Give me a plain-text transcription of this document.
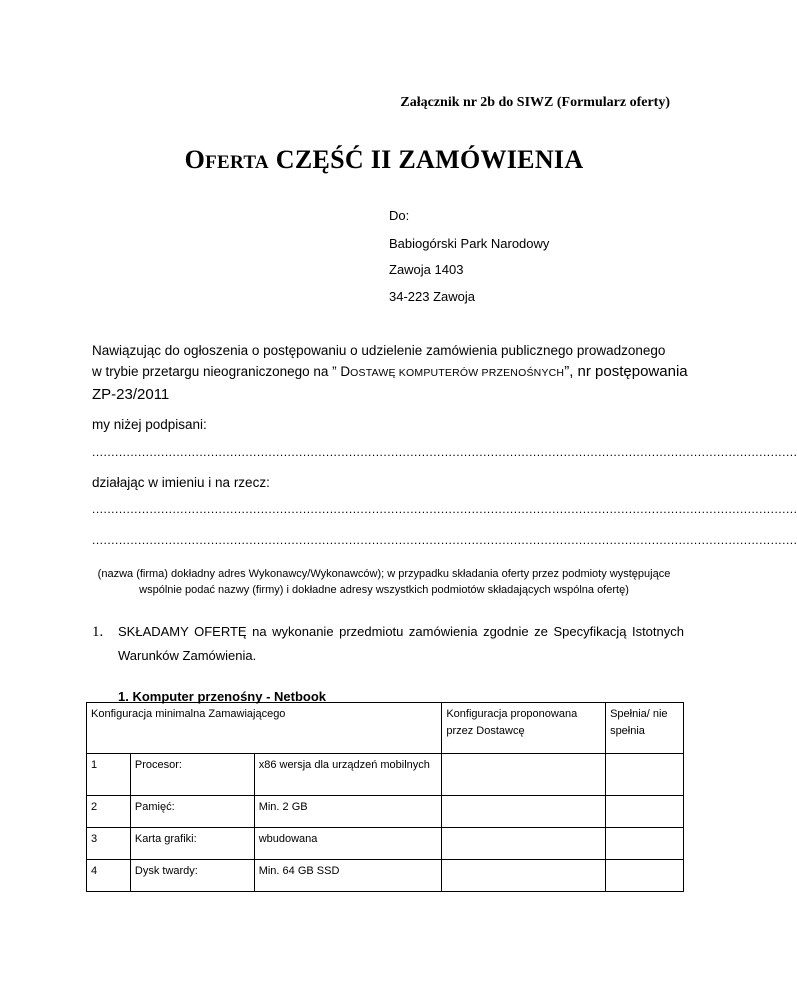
Załącznik nr 2b do SIWZ (Formularz oferty)
OFERTA CZĘŚĆ II ZAMÓWIENIA
Do:
Babiogórski Park Narodowy
Zawoja 1403
34-223 Zawoja
Nawiązując do ogłoszenia o postępowaniu o udzielenie zamówienia publicznego prowadzonego
w trybie przetargu nieograniczonego na ” DOSTAWĘ KOMPUTERÓW PRZENOŚNYCH”, nr postępowania
ZP-23/2011
my niżej podpisani:
........................................................................................................................................................................................
działając w imieniu i na rzecz:
........................................................................................................................................................................................
........................................................................................................................................................................................
(nazwa (firma) dokładny adres Wykonawcy/Wykonawców); w przypadku składania oferty przez podmioty występujące wspólnie podać nazwy (firmy) i dokładne adresy wszystkich podmiotów składających wspólna ofertę)
1. SKŁADAMY OFERTĘ na wykonanie przedmiotu zamówienia zgodnie ze Specyfikacją Istotnych Warunków Zamówienia.
1. Komputer przenośny - Netbook
Konfiguracja minimalna Zamawiającego			Konfiguracja proponowana przez Dostawcę	Spełnia/ nie spełnia
1	Procesor:	x86 wersja dla urządzeń mobilnych		
2	Pamięć:	Min. 2 GB		
3	Karta grafiki:	wbudowana		
4	Dysk twardy:	Min. 64 GB SSD		
